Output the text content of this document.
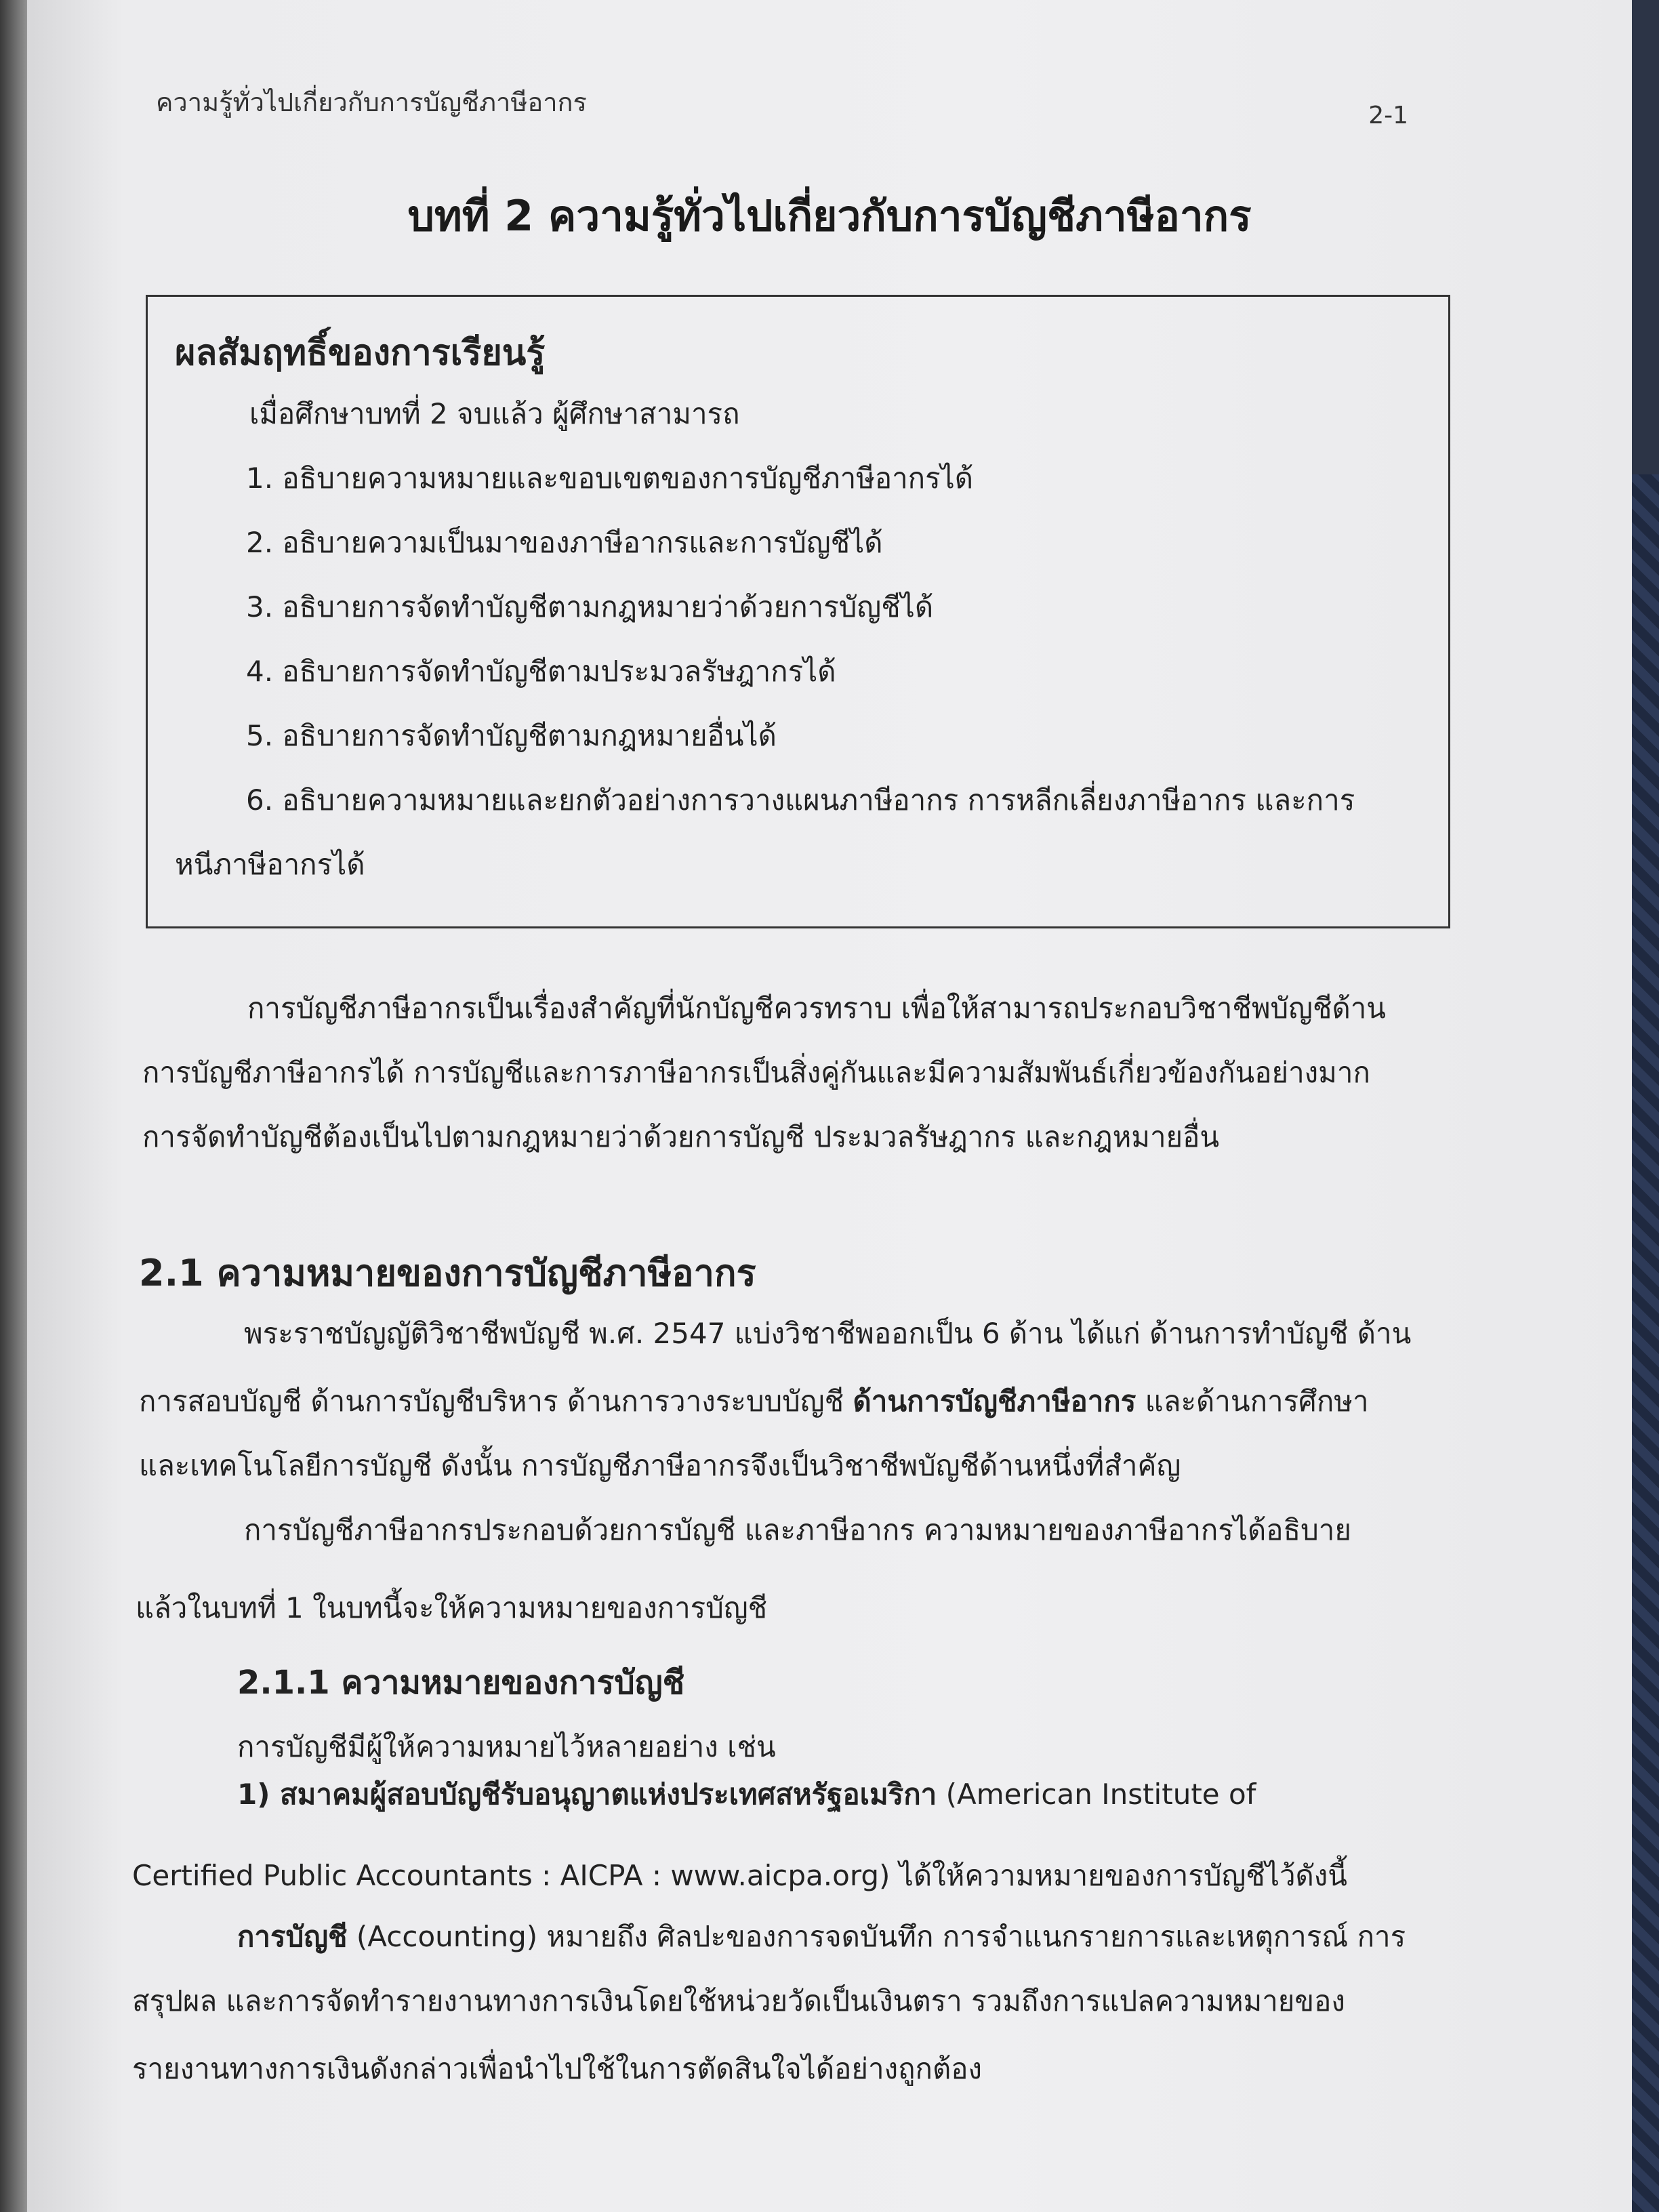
ความรู้ทั่วไปเกี่ยวกับการบัญชีภาษีอากร	2-1
บทที่ 2 ความรู้ทั่วไปเกี่ยวกับการบัญชีภาษีอากร
ผลสัมฤทธิ์ของการเรียนรู้
เมื่อศึกษาบทที่ 2 จบแล้ว ผู้ศึกษาสามารถ
1. อธิบายความหมายและขอบเขตของการบัญชีภาษีอากรได้
2. อธิบายความเป็นมาของภาษีอากรและการบัญชีได้
3. อธิบายการจัดทำบัญชีตามกฎหมายว่าด้วยการบัญชีได้
4. อธิบายการจัดทำบัญชีตามประมวลรัษฎากรได้
5. อธิบายการจัดทำบัญชีตามกฎหมายอื่นได้
6. อธิบายความหมายและยกตัวอย่างการวางแผนภาษีอากร การหลีกเลี่ยงภาษีอากร และการ
หนีภาษีอากรได้
การบัญชีภาษีอากรเป็นเรื่องสำคัญที่นักบัญชีควรทราบ เพื่อให้สามารถประกอบวิชาชีพบัญชีด้าน
การบัญชีภาษีอากรได้ การบัญชีและการภาษีอากรเป็นสิ่งคู่กันและมีความสัมพันธ์เกี่ยวข้องกันอย่างมาก
การจัดทำบัญชีต้องเป็นไปตามกฎหมายว่าด้วยการบัญชี ประมวลรัษฎากร และกฎหมายอื่น
2.1 ความหมายของการบัญชีภาษีอากร
พระราชบัญญัติวิชาชีพบัญชี พ.ศ. 2547 แบ่งวิชาชีพออกเป็น 6 ด้าน ได้แก่ ด้านการทำบัญชี ด้าน
การสอบบัญชี ด้านการบัญชีบริหาร ด้านการวางระบบบัญชี ด้านการบัญชีภาษีอากร และด้านการศึกษา
และเทคโนโลยีการบัญชี ดังนั้น การบัญชีภาษีอากรจึงเป็นวิชาชีพบัญชีด้านหนึ่งที่สำคัญ
การบัญชีภาษีอากรประกอบด้วยการบัญชี และภาษีอากร ความหมายของภาษีอากรได้อธิบาย
แล้วในบทที่ 1 ในบทนี้จะให้ความหมายของการบัญชี
2.1.1 ความหมายของการบัญชี
การบัญชีมีผู้ให้ความหมายไว้หลายอย่าง เช่น
1) สมาคมผู้สอบบัญชีรับอนุญาตแห่งประเทศสหรัฐอเมริกา (American Institute of
Certified Public Accountants : AICPA : www.aicpa.org) ได้ให้ความหมายของการบัญชีไว้ดังนี้
การบัญชี (Accounting) หมายถึง ศิลปะของการจดบันทึก การจำแนกรายการและเหตุการณ์ การ
สรุปผล และการจัดทำรายงานทางการเงินโดยใช้หน่วยวัดเป็นเงินตรา รวมถึงการแปลความหมายของ
รายงานทางการเงินดังกล่าวเพื่อนำไปใช้ในการตัดสินใจได้อย่างถูกต้อง
